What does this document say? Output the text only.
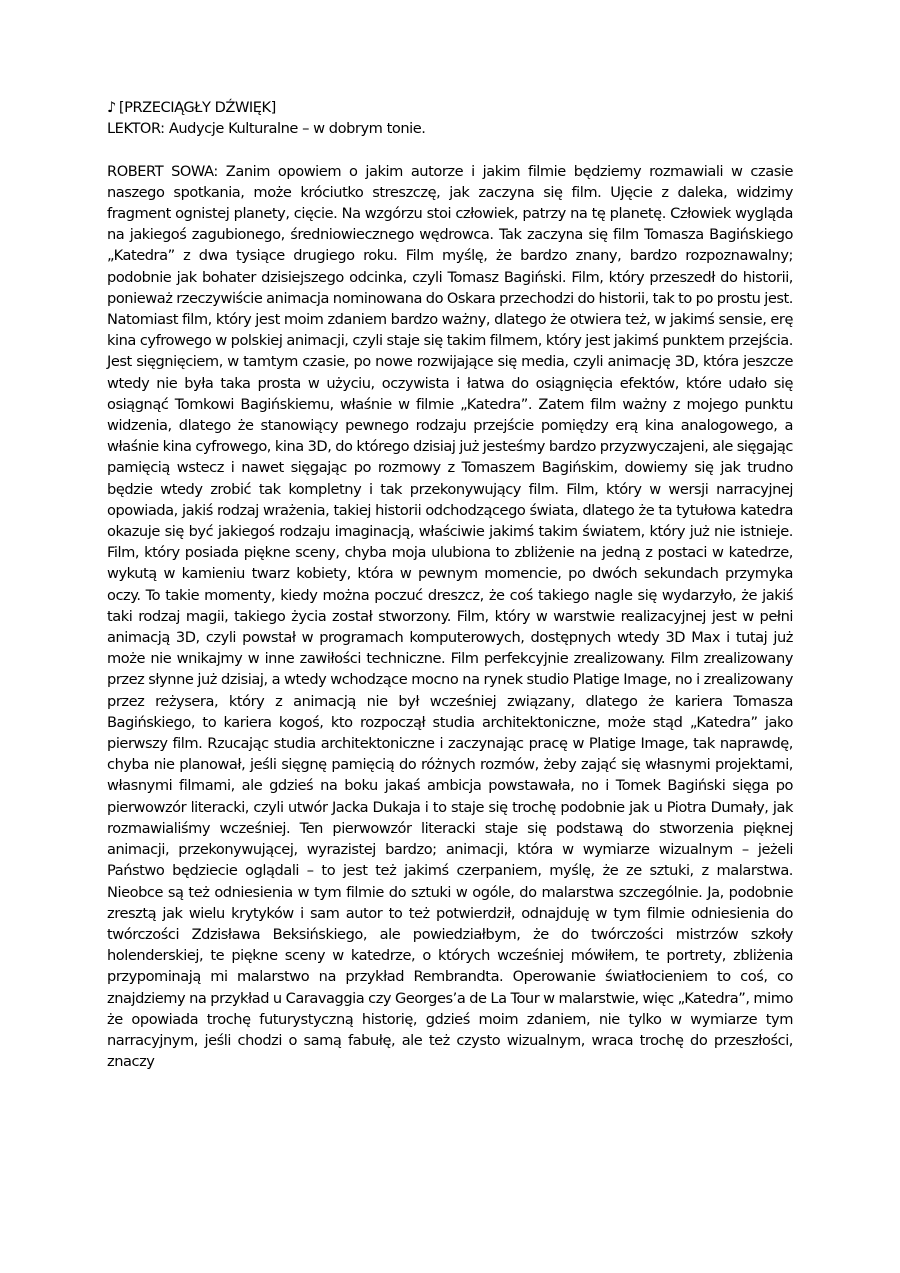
♪ [PRZECIĄGŁY DŹWIĘK]

LEKTOR: Audycje Kulturalne – w dobrym tonie.

ROBERT SOWA: Zanim opowiem o jakim autorze i jakim filmie będziemy rozmawiali w czasie naszego spotkania, może króciutko streszczę, jak zaczyna się film. Ujęcie z daleka, widzimy fragment ognistej planety, cięcie. Na wzgórzu stoi człowiek, patrzy na tę planetę. Człowiek wygląda na jakiegoś zagubionego, średniowiecznego wędrowca. Tak zaczyna się film Tomasza Bagińskiego „Katedra” z dwa tysiące drugiego roku. Film myślę, że bardzo znany, bardzo rozpoznawalny; podobnie jak bohater dzisiejszego odcinka, czyli Tomasz Bagiński. Film, który przeszedł do historii, ponieważ rzeczywiście animacja nominowana do Oskara przechodzi do historii, tak to po prostu jest. Natomiast film, który jest moim zdaniem bardzo ważny, dlatego że otwiera też, w jakimś sensie, erę kina cyfrowego w polskiej animacji, czyli staje się takim filmem, który jest jakimś punktem przejścia. Jest sięgnięciem, w tamtym czasie, po nowe rozwijające się media, czyli animację 3D, która jeszcze wtedy nie była taka prosta w użyciu, oczywista i łatwa do osiągnięcia efektów, które udało się osiągnąć Tomkowi Bagińskiemu, właśnie w filmie „Katedra”. Zatem film ważny z mojego punktu widzenia, dlatego że stanowiący pewnego rodzaju przejście pomiędzy erą kina analogowego, a właśnie kina cyfrowego, kina 3D, do którego dzisiaj już jesteśmy bardzo przyzwyczajeni, ale sięgając pamięcią wstecz i nawet sięgając po rozmowy z Tomaszem Bagińskim, dowiemy się jak trudno będzie wtedy zrobić tak kompletny i tak przekonywujący film. Film, który w wersji narracyjnej opowiada, jakiś rodzaj wrażenia, takiej historii odchodzącego świata, dlatego że ta tytułowa katedra okazuje się być jakiegoś rodzaju imaginacją, właściwie jakimś takim światem, który już nie istnieje. Film, który posiada piękne sceny, chyba moja ulubiona to zbliżenie na jedną z postaci w katedrze, wykutą w kamieniu twarz kobiety, która w pewnym momencie, po dwóch sekundach przymyka oczy. To takie momenty, kiedy można poczuć dreszcz, że coś takiego nagle się wydarzyło, że jakiś taki rodzaj magii, takiego życia został stworzony. Film, który w warstwie realizacyjnej jest w pełni animacją 3D, czyli powstał w programach komputerowych, dostępnych wtedy 3D Max i tutaj już może nie wnikajmy w inne zawiłości techniczne. Film perfekcyjnie zrealizowany. Film zrealizowany przez słynne już dzisiaj, a wtedy wchodzące mocno na rynek studio Platige Image, no i zrealizowany przez reżysera, który z animacją nie był wcześniej związany, dlatego że kariera Tomasza Bagińskiego, to kariera kogoś, kto rozpoczął studia architektoniczne, może stąd „Katedra” jako pierwszy film. Rzucając studia architektoniczne i zaczynając pracę w Platige Image, tak naprawdę, chyba nie planował, jeśli sięgnę pamięcią do różnych rozmów, żeby zająć się własnymi projektami, własnymi filmami, ale gdzieś na boku jakaś ambicja powstawała, no i Tomek Bagiński sięga po pierwowzór literacki, czyli utwór Jacka Dukaja i to staje się trochę podobnie jak u Piotra Dumały, jak rozmawialiśmy wcześniej. Ten pierwowzór literacki staje się podstawą do stworzenia pięknej animacji, przekonywującej, wyrazistej bardzo; animacji, która w wymiarze wizualnym – jeżeli Państwo będziecie oglądali – to jest też jakimś czerpaniem, myślę, że ze sztuki, z malarstwa. Nieobce są też odniesienia w tym filmie do sztuki w ogóle, do malarstwa szczególnie. Ja, podobnie zresztą jak wielu krytyków i sam autor to też potwierdził, odnajduję w tym filmie odniesienia do twórczości Zdzisława Beksińskiego, ale powiedziałbym, że do twórczości mistrzów szkoły holenderskiej, te piękne sceny w katedrze, o których wcześniej mówiłem, te portrety, zbliżenia przypominają mi malarstwo na przykład Rembrandta. Operowanie światłocieniem to coś, co znajdziemy na przykład u Caravaggia czy Georges’a de La Tour w malarstwie, więc „Katedra”, mimo że opowiada trochę futurystyczną historię, gdzieś moim zdaniem, nie tylko w wymiarze tym narracyjnym, jeśli chodzi o samą fabułę, ale też czysto wizualnym, wraca trochę do przeszłości, znaczy
